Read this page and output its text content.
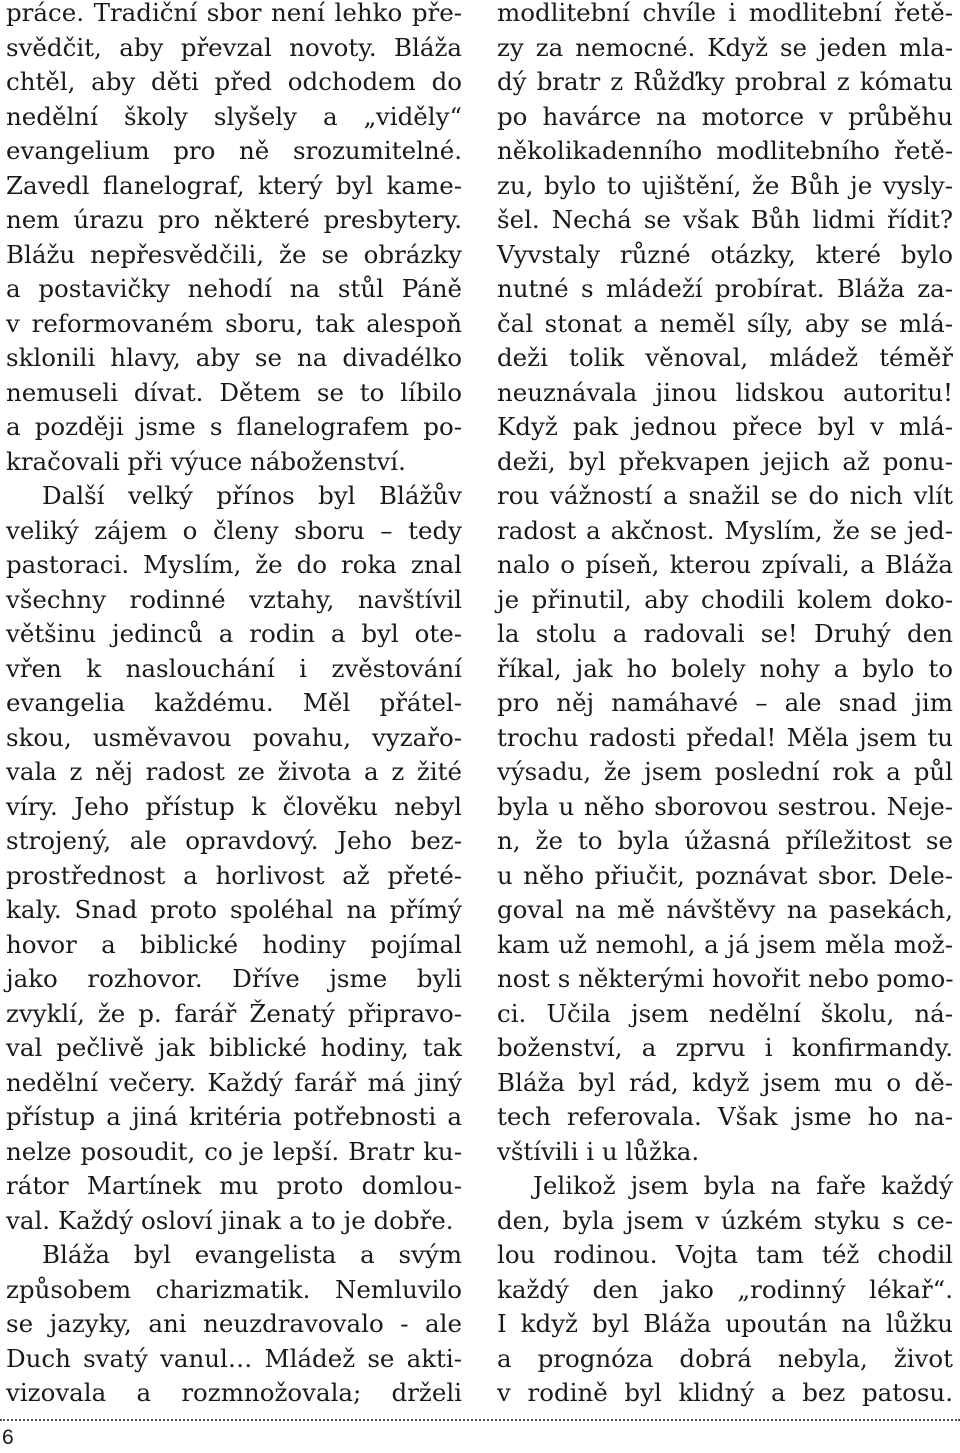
práce. Tradiční sbor není lehko pře-
svědčit, aby převzal novoty. Bláža
chtěl, aby děti před odchodem do
nedělní školy slyšely a „viděly“
evangelium pro ně srozumitelné.
Zavedl flanelograf, který byl kame-
nem úrazu pro některé presbytery.
Blážu nepřesvědčili, že se obrázky
a postavičky nehodí na stůl Páně
v reformovaném sboru, tak alespoň
sklonili hlavy, aby se na divadélko
nemuseli dívat. Dětem se to líbilo
a později jsme s flanelografem po-
kračovali při výuce náboženství.
Další velký přínos byl Blážův
veliký zájem o členy sboru – tedy
pastoraci. Myslím, že do roka znal
všechny rodinné vztahy, navštívil
většinu jedinců a rodin a byl ote-
vřen k naslouchání i zvěstování
evangelia každému. Měl přátel-
skou, usměvavou povahu, vyzařo-
vala z něj radost ze života a z žité
víry. Jeho přístup k člověku nebyl
strojený, ale opravdový. Jeho bez-
prostřednost a horlivost až přeté-
kaly. Snad proto spoléhal na přímý
hovor a biblické hodiny pojímal
jako rozhovor. Dříve jsme byli
zvyklí, že p. farář Ženatý připravo-
val pečlivě jak biblické hodiny, tak
nedělní večery. Každý farář má jiný
přístup a jiná kritéria potřebnosti a
nelze posoudit, co je lepší. Bratr ku-
rátor Martínek mu proto domlou-
val. Každý osloví jinak a to je dobře.
Bláža byl evangelista a svým
způsobem charizmatik. Nemluvilo
se jazyky, ani neuzdravovalo - ale
Duch svatý vanul… Mládež se akti-
vizovala a rozmnožovala; drželi
modlitební chvíle i modlitební řetě-
zy za nemocné. Když se jeden mla-
dý bratr z Růžďky probral z kómatu
po havárce na motorce v průběhu
několikadenního modlitebního řetě-
zu, bylo to ujištění, že Bůh je vysly-
šel. Nechá se však Bůh lidmi řídit?
Vyvstaly různé otázky, které bylo
nutné s mládeží probírat. Bláža za-
čal stonat a neměl síly, aby se mlá-
deži tolik věnoval, mládež téměř
neuznávala jinou lidskou autoritu!
Když pak jednou přece byl v mlá-
deži, byl překvapen jejich až ponu-
rou vážností a snažil se do nich vlít
radost a akčnost. Myslím, že se jed-
nalo o píseň, kterou zpívali, a Bláža
je přinutil, aby chodili kolem doko-
la stolu a radovali se! Druhý den
říkal, jak ho bolely nohy a bylo to
pro něj namáhavé – ale snad jim
trochu radosti předal! Měla jsem tu
výsadu, že jsem poslední rok a půl
byla u něho sborovou sestrou. Neje-
n, že to byla úžasná příležitost se
u něho přiučit, poznávat sbor. Dele-
goval na mě návštěvy na pasekách,
kam už nemohl, a já jsem měla mož-
nost s některými hovořit nebo pomo-
ci. Učila jsem nedělní školu, ná-
boženství, a zprvu i konfirmandy.
Bláža byl rád, když jsem mu o dě-
tech referovala. Však jsme ho na-
vštívili i u lůžka.
Jelikož jsem byla na faře každý
den, byla jsem v úzkém styku s ce-
lou rodinou. Vojta tam též chodil
každý den jako „rodinný lékař“.
I když byl Bláža upoután na lůžku
a prognóza dobrá nebyla, život
v rodině byl klidný a bez patosu.
6
